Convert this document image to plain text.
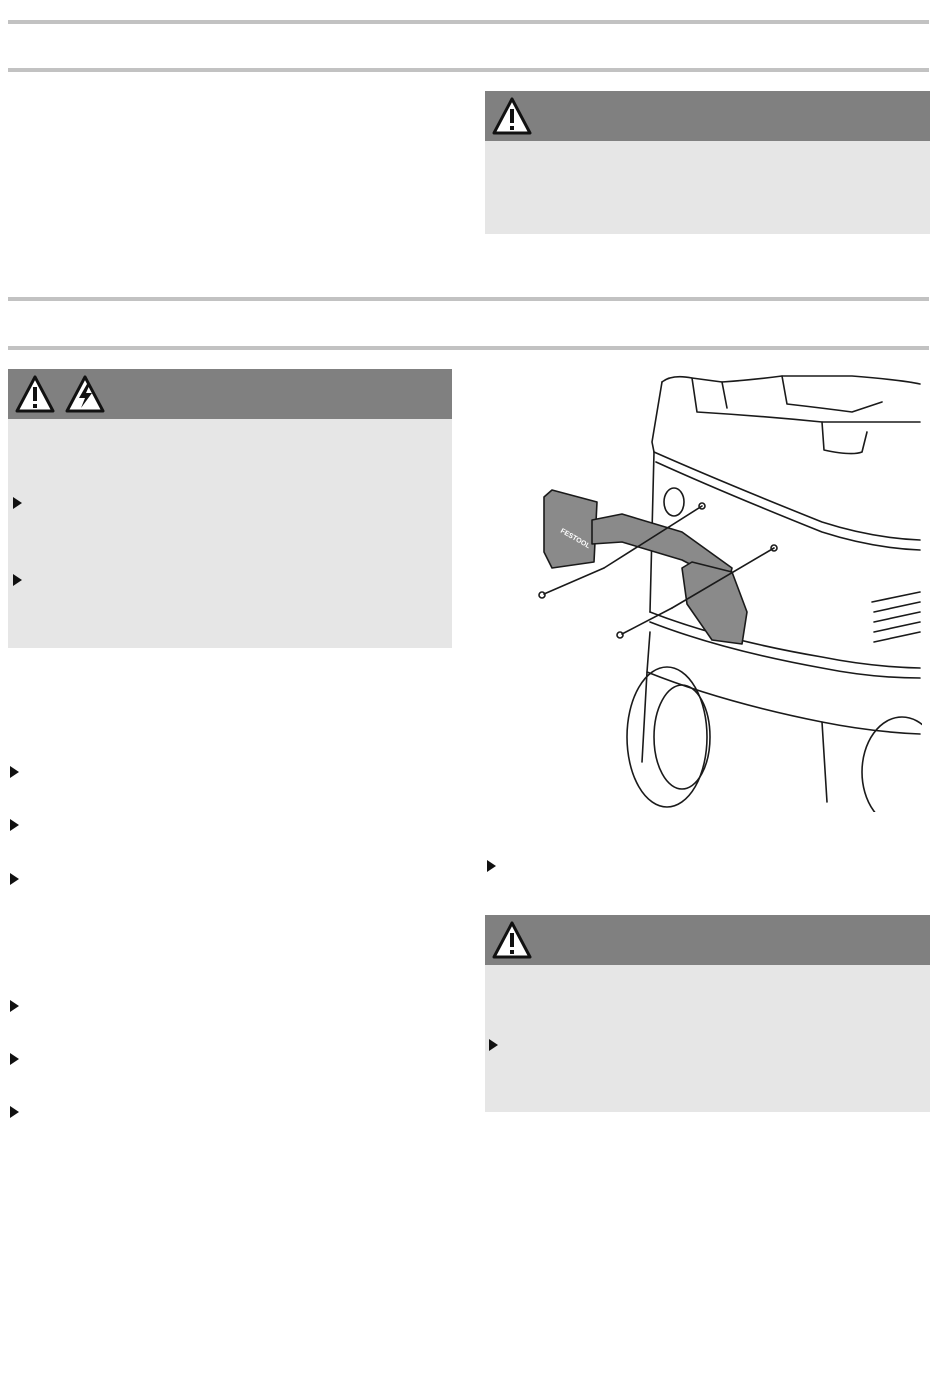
FESTOOL
